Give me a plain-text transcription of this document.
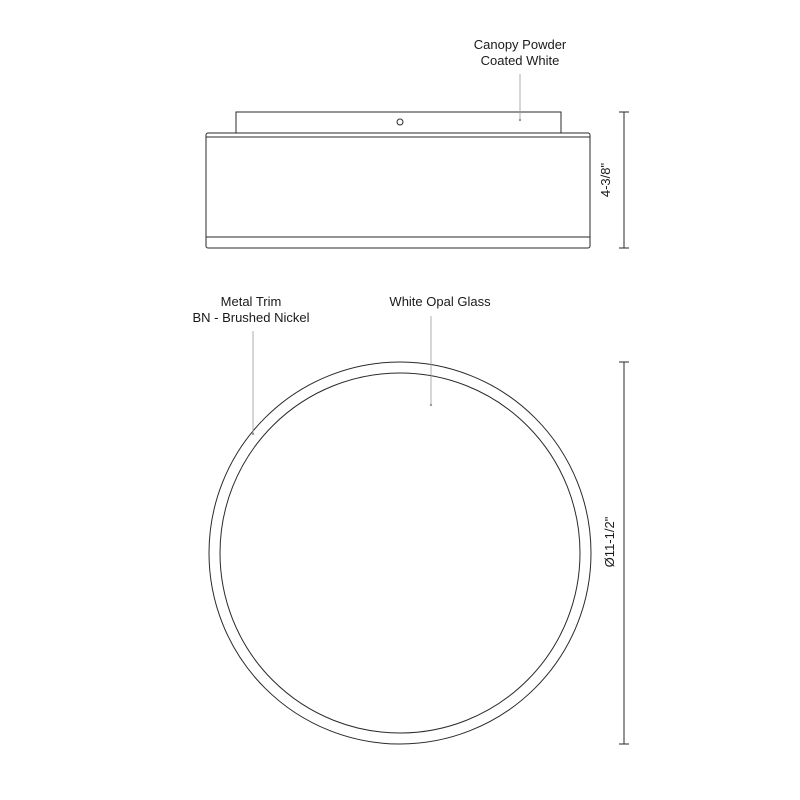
Canopy Powder
Coated White
4-3/8"
Metal Trim
BN - Brushed Nickel
White Opal Glass
Ø11-1/2"
